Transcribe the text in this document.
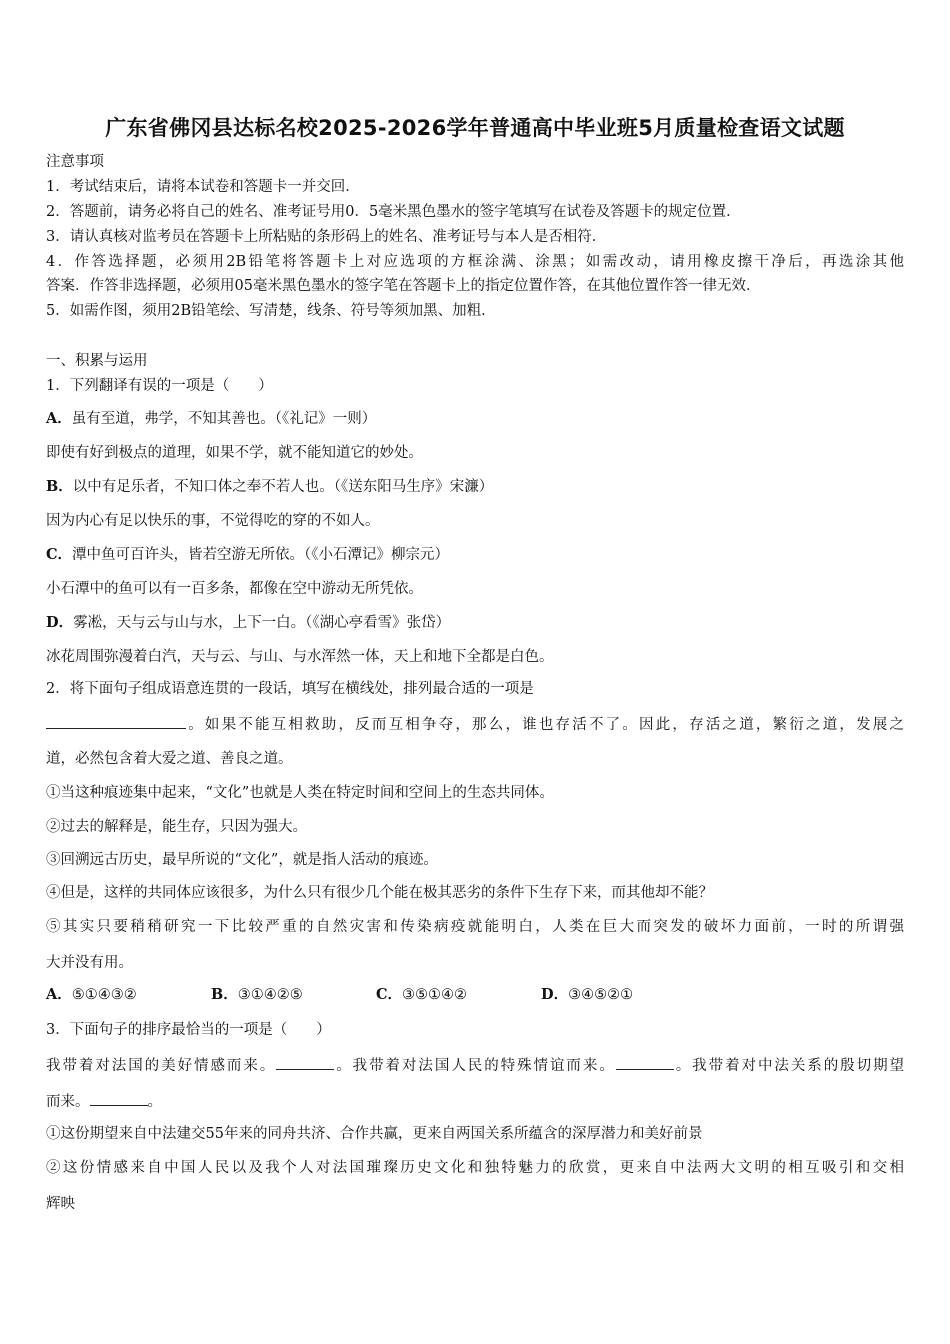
广东省佛冈县达标名校2025-2026学年普通高中毕业班5月质量检查语文试题
注意事项
1．考试结束后，请将本试卷和答题卡一并交回．
2．答题前，请务必将自己的姓名、准考证号用0．5毫米黑色墨水的签字笔填写在试卷及答题卡的规定位置．
3．请认真核对监考员在答题卡上所粘贴的条形码上的姓名、准考证号与本人是否相符．
4．作答选择题，必须用2B铅笔将答题卡上对应选项的方框涂满、涂黑；如需改动，请用橡皮擦干净后，再选涂其他
答案．作答非选择题，必须用05毫米黑色墨水的签字笔在答题卡上的指定位置作答，在其他位置作答一律无效．
5．如需作图，须用2B铅笔绘、写清楚，线条、符号等须加黑、加粗．
一、积累与运用
1．下列翻译有误的一项是（　　）
A．虽有至道，弗学，不知其善也。（《礼记》一则）
即使有好到极点的道理，如果不学，就不能知道它的妙处。
B．以中有足乐者，不知口体之奉不若人也。（《送东阳马生序》宋濂）
因为内心有足以快乐的事，不觉得吃的穿的不如人。
C．潭中鱼可百许头，皆若空游无所依。（《小石潭记》柳宗元）
小石潭中的鱼可以有一百多条，都像在空中游动无所凭依。
D．雾凇，天与云与山与水，上下一白。（《湖心亭看雪》张岱）
冰花周围弥漫着白汽，天与云、与山、与水浑然一体，天上和地下全都是白色。
2．将下面句子组成语意连贯的一段话，填写在横线处，排列最合适的一项是
。如果不能互相救助，反而互相争夺，那么，谁也存活不了。因此，存活之道，繁衍之道，发展之
道，必然包含着大爱之道、善良之道。
①当这种痕迹集中起来，“文化”也就是人类在特定时间和空间上的生态共同体。
②过去的解释是，能生存，只因为强大。
③回溯远古历史，最早所说的“文化”，就是指人活动的痕迹。
④但是，这样的共同体应该很多，为什么只有很少几个能在极其恶劣的条件下生存下来，而其他却不能？
⑤其实只要稍稍研究一下比较严重的自然灾害和传染病疫就能明白，人类在巨大而突发的破坏力面前，一时的所谓强
大并没有用。
A．⑤①④③②	B．③①④②⑤	C．③⑤①④②	D．③④⑤②①
3．下面句子的排序最恰当的一项是（　　）
我带着对法国的美好情感而来。	。我带着对法国人民的特殊情谊而来。	。我带着对中法关系的殷切期望
而来。	。
①这份期望来自中法建交55年来的同舟共济、合作共赢，更来自两国关系所蕴含的深厚潜力和美好前景
②这份情感来自中国人民以及我个人对法国璀璨历史文化和独特魅力的欣赏，更来自中法两大文明的相互吸引和交相
辉映
